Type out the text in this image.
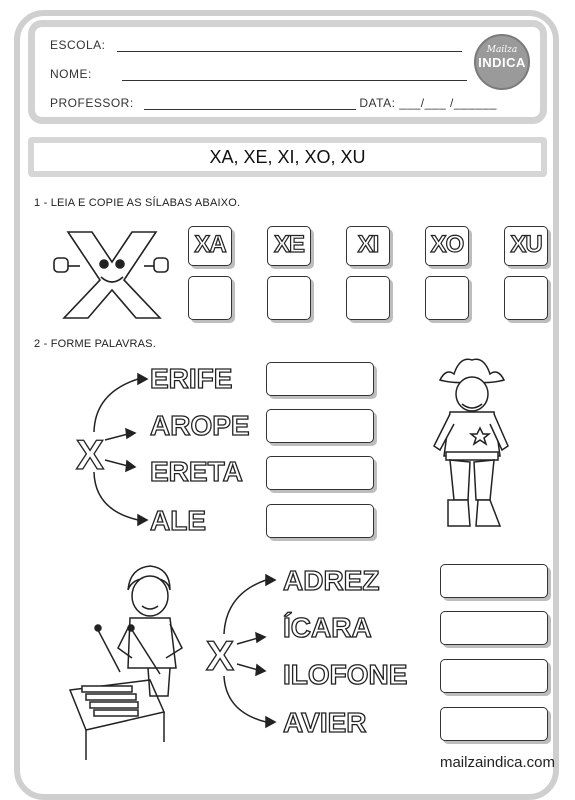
ESCOLA:
NOME:
PROFESSOR:	DATA: ___/___ /______
Mailza
INDICA
XA, XE, XI, XO, XU
1 - LEIA E COPIE AS SÍLABAS ABAIXO.
XA XE	XI	XO XU
2 - FORME PALAVRAS.
X
ERIFE
AROPE
ERETA
ALE
X
ADREZ
ÍCARA
ILOFONE
AVIER
mailzaindica.com
